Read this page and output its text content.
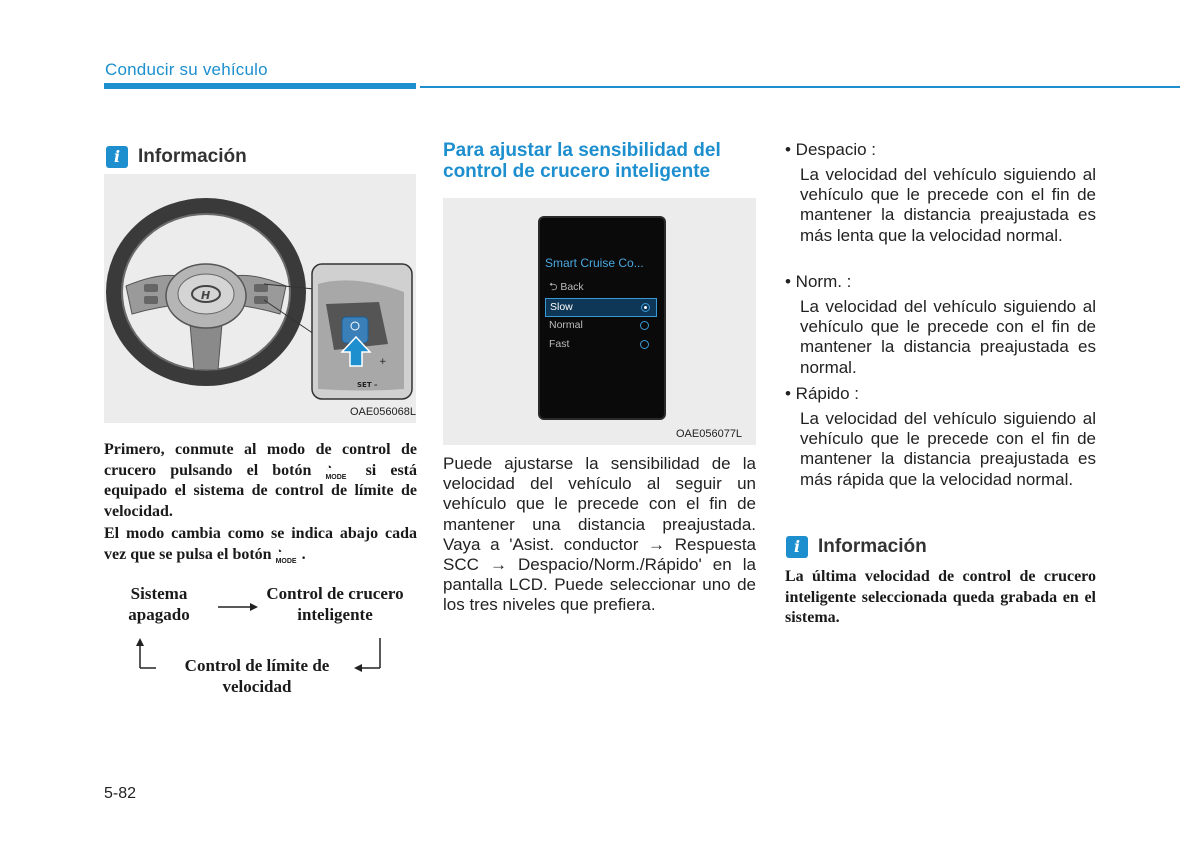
Conducir su vehículo
i Información
H
+
SET –
OAE056068L
Primero, conmute al modo de control de crucero pulsando el botón ◔
MODE	si está equipado el sistema de control de límite de velocidad.
El modo cambia como se indica abajo cada vez que se pulsa el botón ◔
MODE .
Sistema apagado
Control de crucero inteligente
Control de límite de velocidad
Para ajustar la sensibilidad del control de crucero inteligente
Smart Cruise Co...
⮌ Back
Slow
Normal
Fast
OAE056077L
Puede ajustarse la sensibilidad de la velocidad del vehículo al seguir un vehículo que le precede con el fin de mantener una distancia preajustada. Vaya a 'Asist. conductor → Respuesta SCC → Despacio/Norm./Rápido' en la pantalla LCD. Puede seleccionar uno de los tres niveles que prefiera.
• Despacio :
La velocidad del vehículo siguiendo al vehículo que le precede con el fin de mantener la distancia preajustada es más lenta que la velocidad normal.
• Norm. :
La velocidad del vehículo siguiendo al vehículo que le precede con el fin de mantener la distancia preajustada es normal.
• Rápido :
La velocidad del vehículo siguiendo al vehículo que le precede con el fin de mantener la distancia preajustada es más rápida que la velocidad normal.
i Información
La última velocidad de control de crucero inteligente seleccionada queda grabada en el sistema.
5-82
